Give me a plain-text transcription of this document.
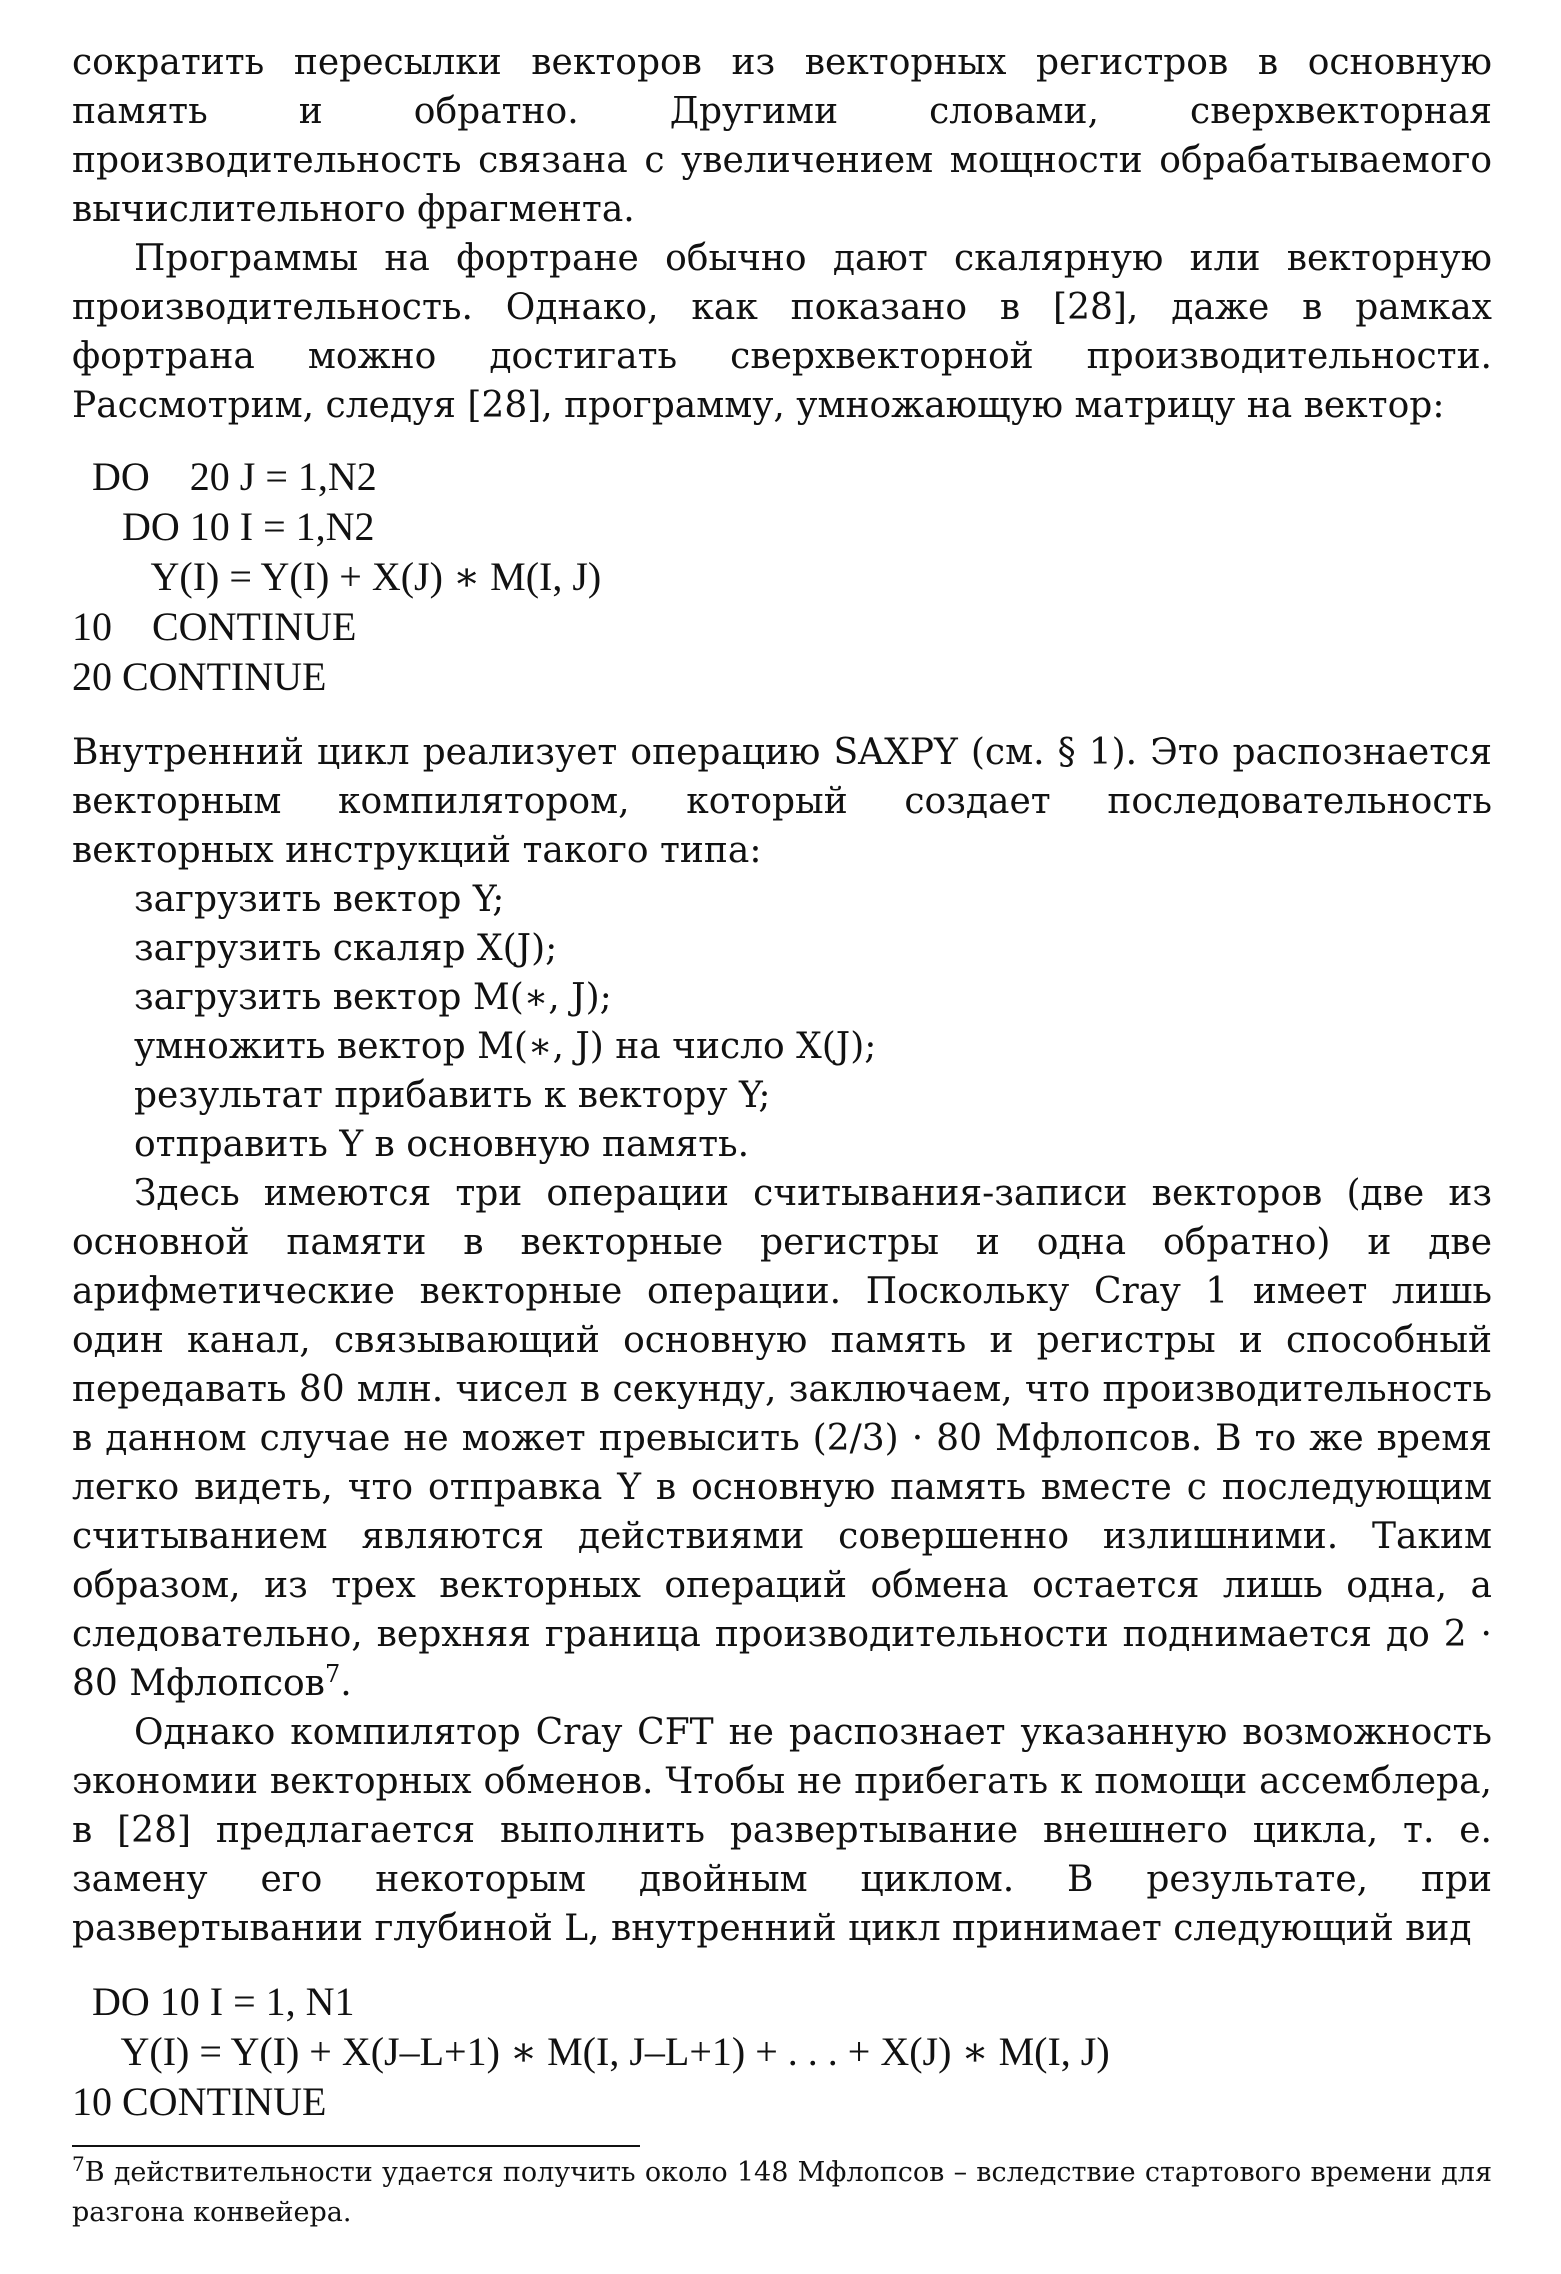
сократить пересылки векторов из векторных регистров в основную память и обратно. Другими словами, сверхвекторная производительность связана с увеличением мощности обрабатываемого вычислительного фрагмента.

Программы на фортране обычно дают скалярную или векторную производительность. Однако, как показано в [28], даже в рамках фортрана можно достигать сверхвекторной производительности. Рассмотрим, следуя [28], программу, умножающую матрицу на вектор:

DO    20 J = 1,N2
DO 10 I = 1,N2
Y(I) = Y(I) + X(J) ∗ M(I, J)
10    CONTINUE
20 CONTINUE

Внутренний цикл реализует операцию SAXPY (см. § 1). Это распознается векторным компилятором, который создает последовательность векторных инструкций такого типа:

загрузить вектор Y;
загрузить скаляр X(J);
загрузить вектор M(∗, J);
умножить вектор M(∗, J) на число X(J);
результат прибавить к вектору Y;
отправить Y в основную память.

Здесь имеются три операции считывания-записи векторов (две из основной памяти в векторные регистры и одна обратно) и две арифметические векторные операции. Поскольку Cray 1 имеет лишь один канал, связывающий основную память и регистры и способный передавать 80 млн. чисел в секунду, заключаем, что производительность в данном случае не может превысить (2/3) · 80 Мфлопсов. В то же время легко видеть, что отправка Y в основную память вместе с последующим считыванием являются действиями совершенно излишними. Таким образом, из трех векторных операций обмена остается лишь одна, а следовательно, верхняя граница производительности поднимается до 2 · 80 Мфлопсов$^7$.

Однако компилятор Cray CFT не распознает указанную возможность экономии векторных обменов. Чтобы не прибегать к помощи ассемблера, в [28] предлагается выполнить развертывание внешнего цикла, т. е. замену его некоторым двойным циклом. В результате, при развертывании глубиной L, внутренний цикл принимает следующий вид

DO 10 I = 1, N1
Y(I) = Y(I) + X(J–L+1) ∗ M(I, J–L+1) + . . . + X(J) ∗ M(I, J)
10 CONTINUE

$^7$В действительности удается получить около 148 Мфлопсов – вследствие стартового времени для разгона конвейера.
